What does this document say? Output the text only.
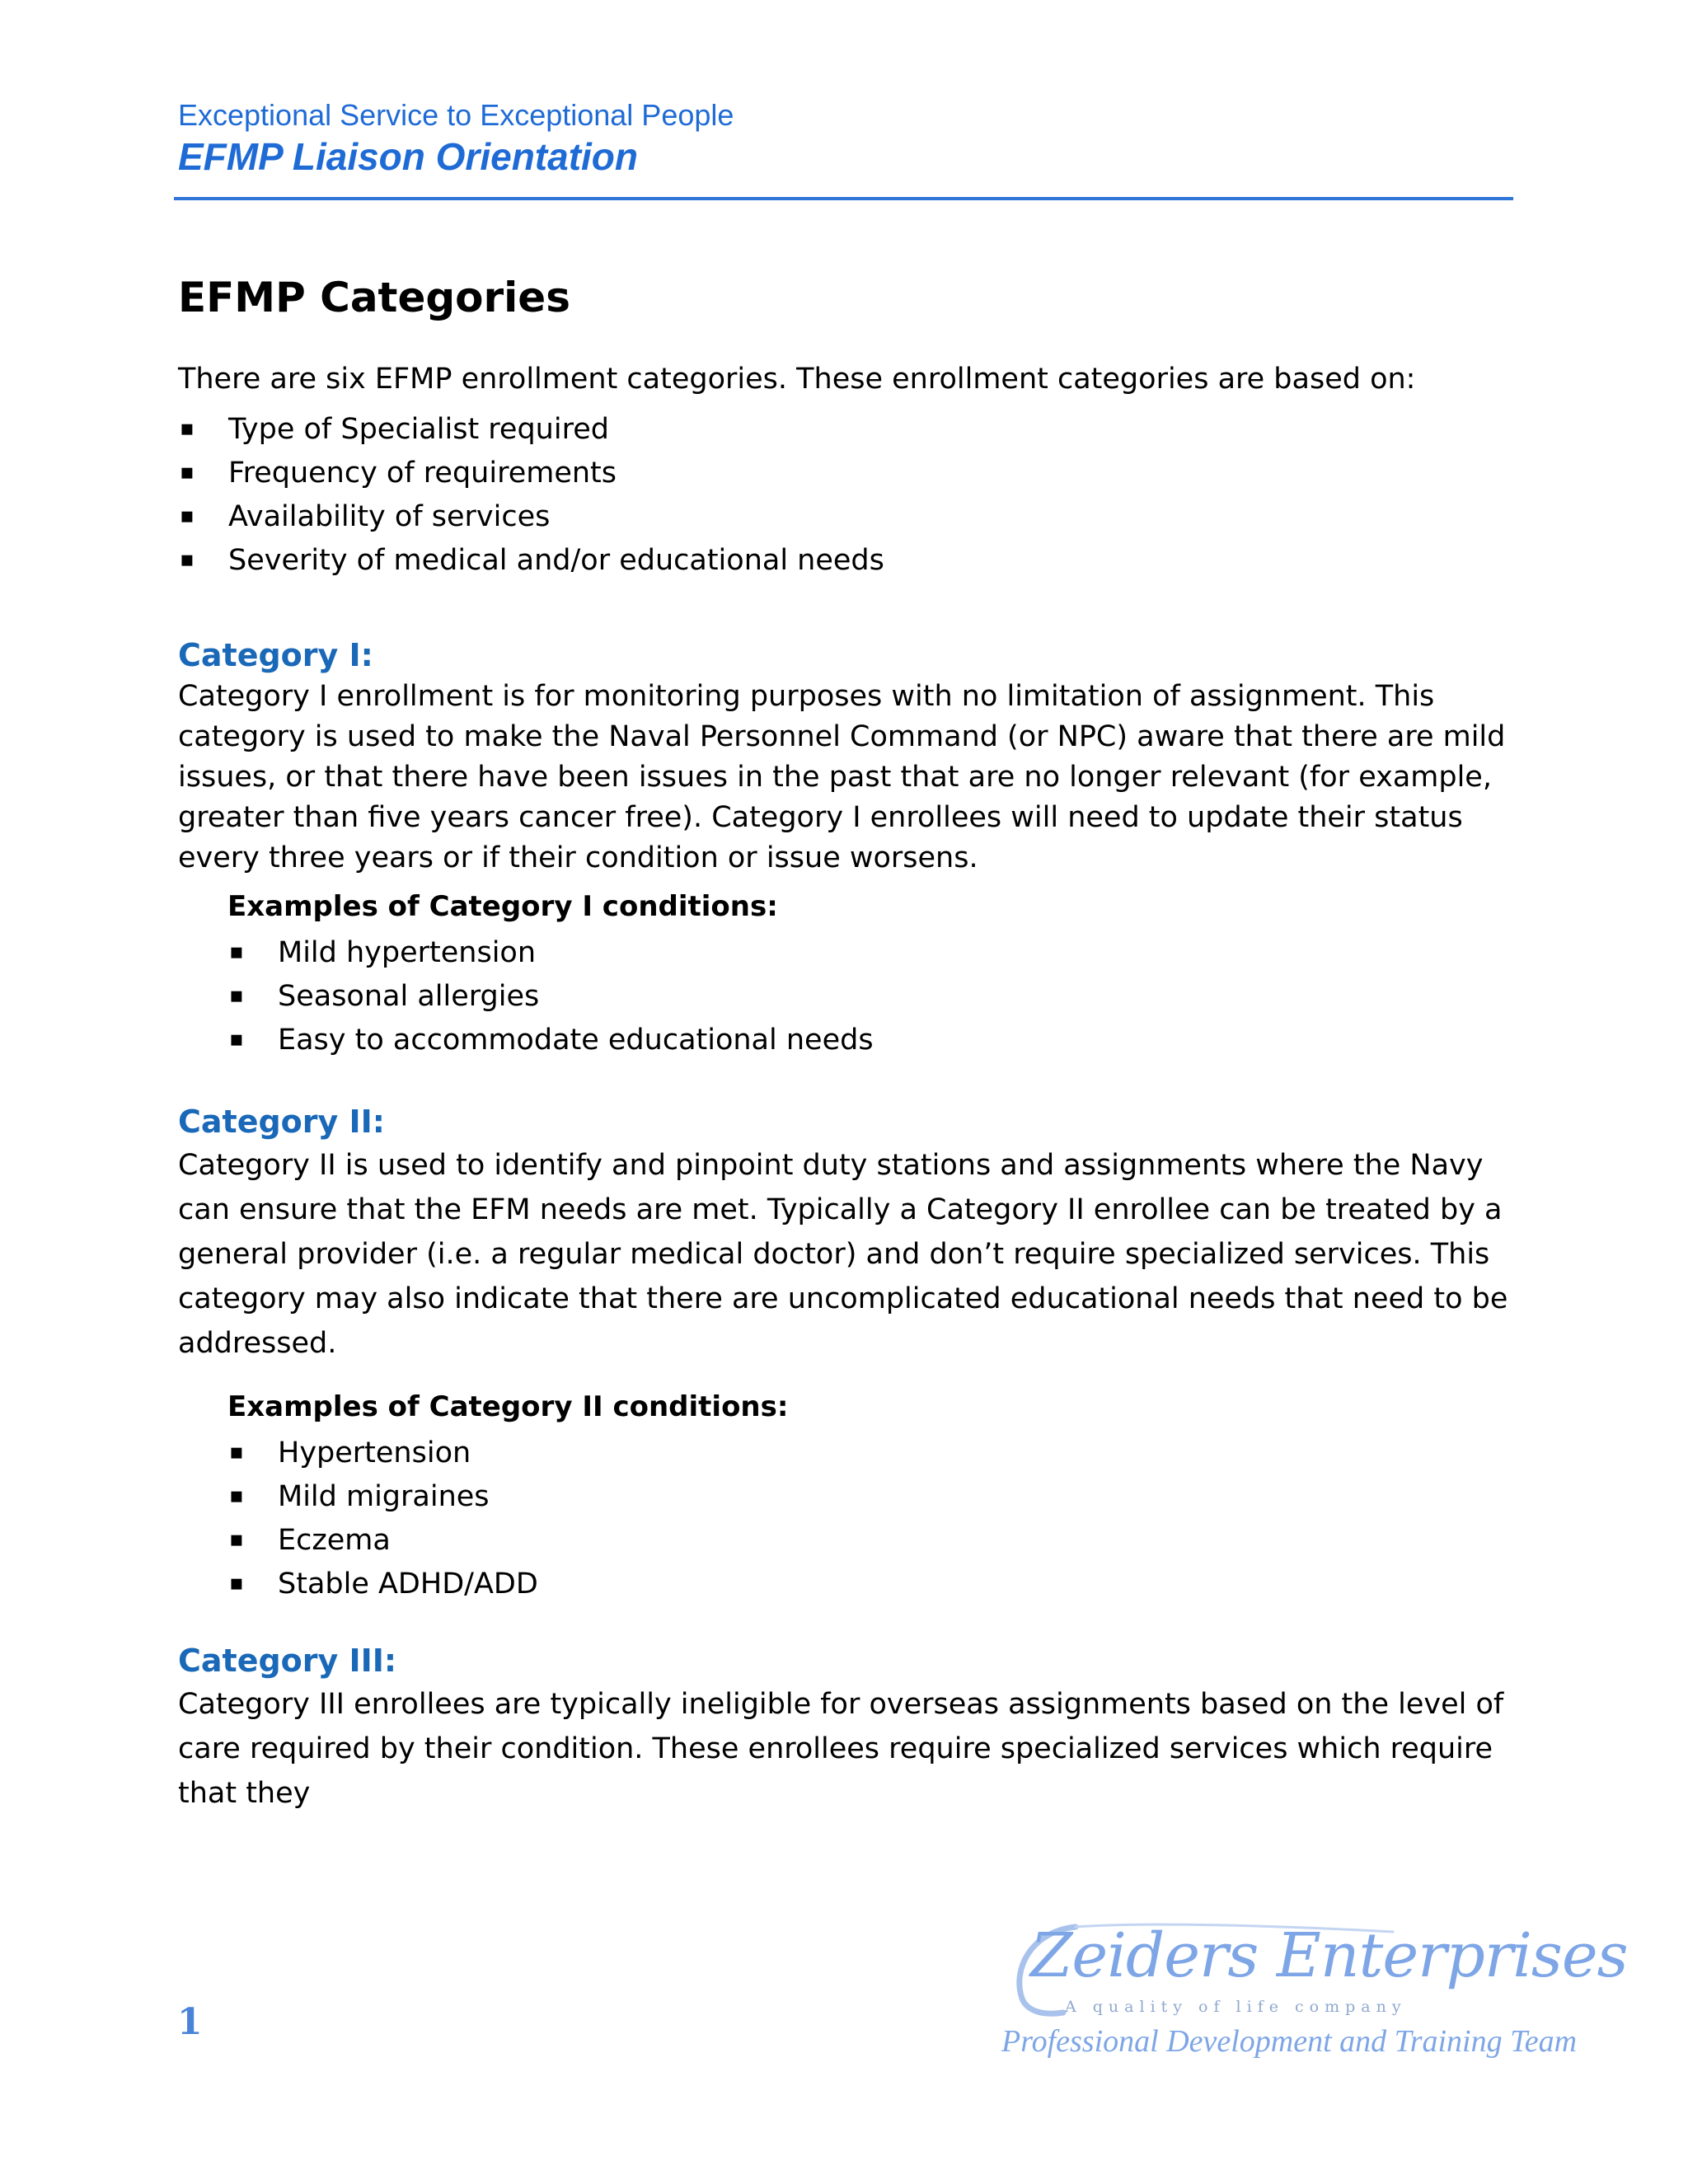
Exceptional Service to Exceptional People
EFMP Liaison Orientation
EFMP Categories

There are six EFMP enrollment categories. These enrollment categories are based on:

▪ Type of Specialist required
▪ Frequency of requirements
▪ Availability of services
▪ Severity of medical and/or educational needs
Category I:

Category I enrollment is for monitoring purposes with no limitation of assignment. This category is used to make the Naval Personnel Command (or NPC) aware that there are mild issues, or that there have been issues in the past that are no longer relevant (for example, greater than five years cancer free). Category I enrollees will need to update their status every three years or if their condition or issue worsens.

Examples of Category I conditions:
▪ Mild hypertension
▪ Seasonal allergies
▪ Easy to accommodate educational needs
Category II:

Category II is used to identify and pinpoint duty stations and assignments where the Navy can ensure that the EFM needs are met. Typically a Category II enrollee can be treated by a general provider (i.e. a regular medical doctor) and don’t require specialized services. This category may also indicate that there are uncomplicated educational needs that need to be addressed.

Examples of Category II conditions:
▪ Hypertension
▪ Mild migraines
▪ Eczema
▪ Stable ADHD/ADD
Category III:

Category III enrollees are typically ineligible for overseas assignments based on the level of care required by their condition. These enrollees require specialized services which require that they

1
Zeiders Enterprises
A quality of life company
Professional Development and Training Team
